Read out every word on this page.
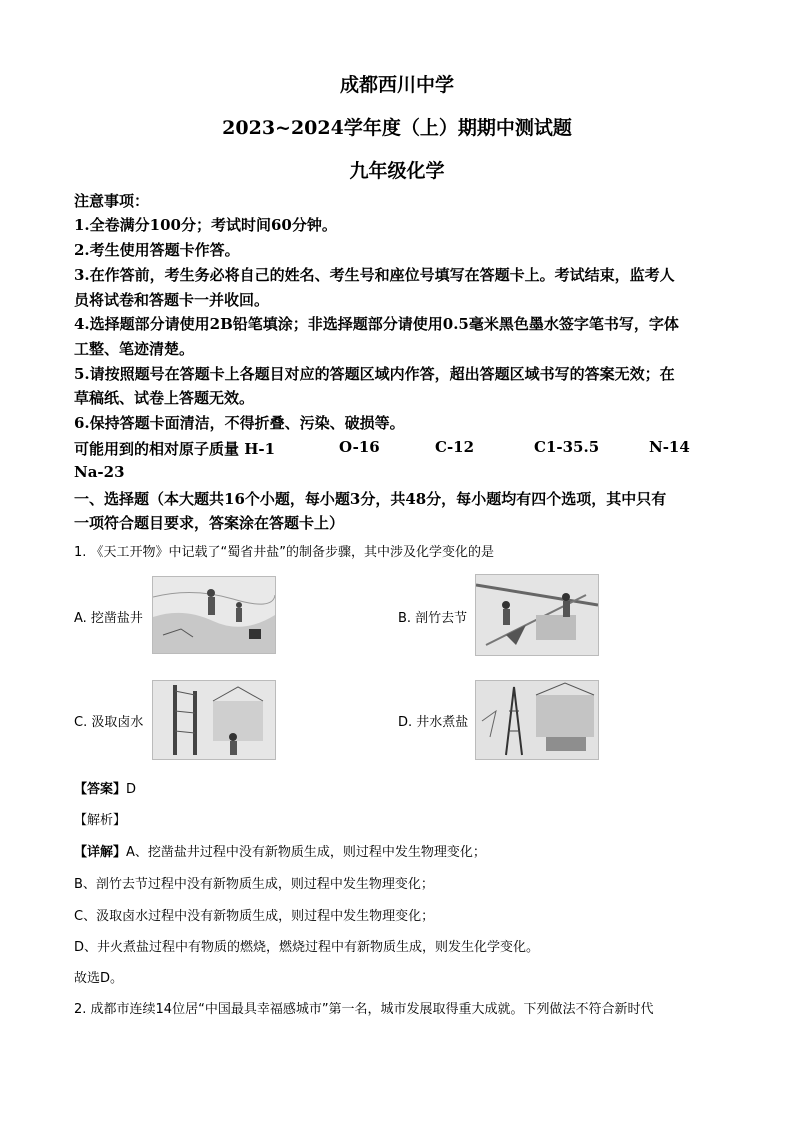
成都西川中学
2023~2024学年度（上）期期中测试题
九年级化学
注意事项：
1.全卷满分100分；考试时间60分钟。
2.考生使用答题卡作答。
3.在作答前，考生务必将自己的姓名、考生号和座位号填写在答题卡上。考试结束，监考人
员将试卷和答题卡一并收回。
4.选择题部分请使用2B铅笔填涂；非选择题部分请使用0.5毫米黑色墨水签字笔书写，字体
工整、笔迹清楚。
5.请按照题号在答题卡上各题目对应的答题区域内作答，超出答题区域书写的答案无效；在
草稿纸、试卷上答题无效。
6.保持答题卡面清洁，不得折叠、污染、破损等。
可能用到的相对原子质量 H-1	O-16	C-12	C1-35.5	N-14
Na-23
一、选择题（本大题共16个小题，每小题3分，共48分，每小题均有四个选项，其中只有
一项符合题目要求，答案涂在答题卡上）
1. 《天工开物》中记载了“蜀省井盐”的制备步骤，其中涉及化学变化的是
A. 挖凿盐井	B. 剖竹去节
C. 汲取卤水	D. 井水煮盐
【答案】D
【解析】
【详解】A、挖凿盐井过程中没有新物质生成，则过程中发生物理变化；
B、剖竹去节过程中没有新物质生成，则过程中发生物理变化；
C、汲取卤水过程中没有新物质生成，则过程中发生物理变化；
D、井火煮盐过程中有物质的燃烧，燃烧过程中有新物质生成，则发生化学变化。
故选D。
2. 成都市连续14位居“中国最具幸福感城市”第一名，城市发展取得重大成就。下列做法不符合新时代
